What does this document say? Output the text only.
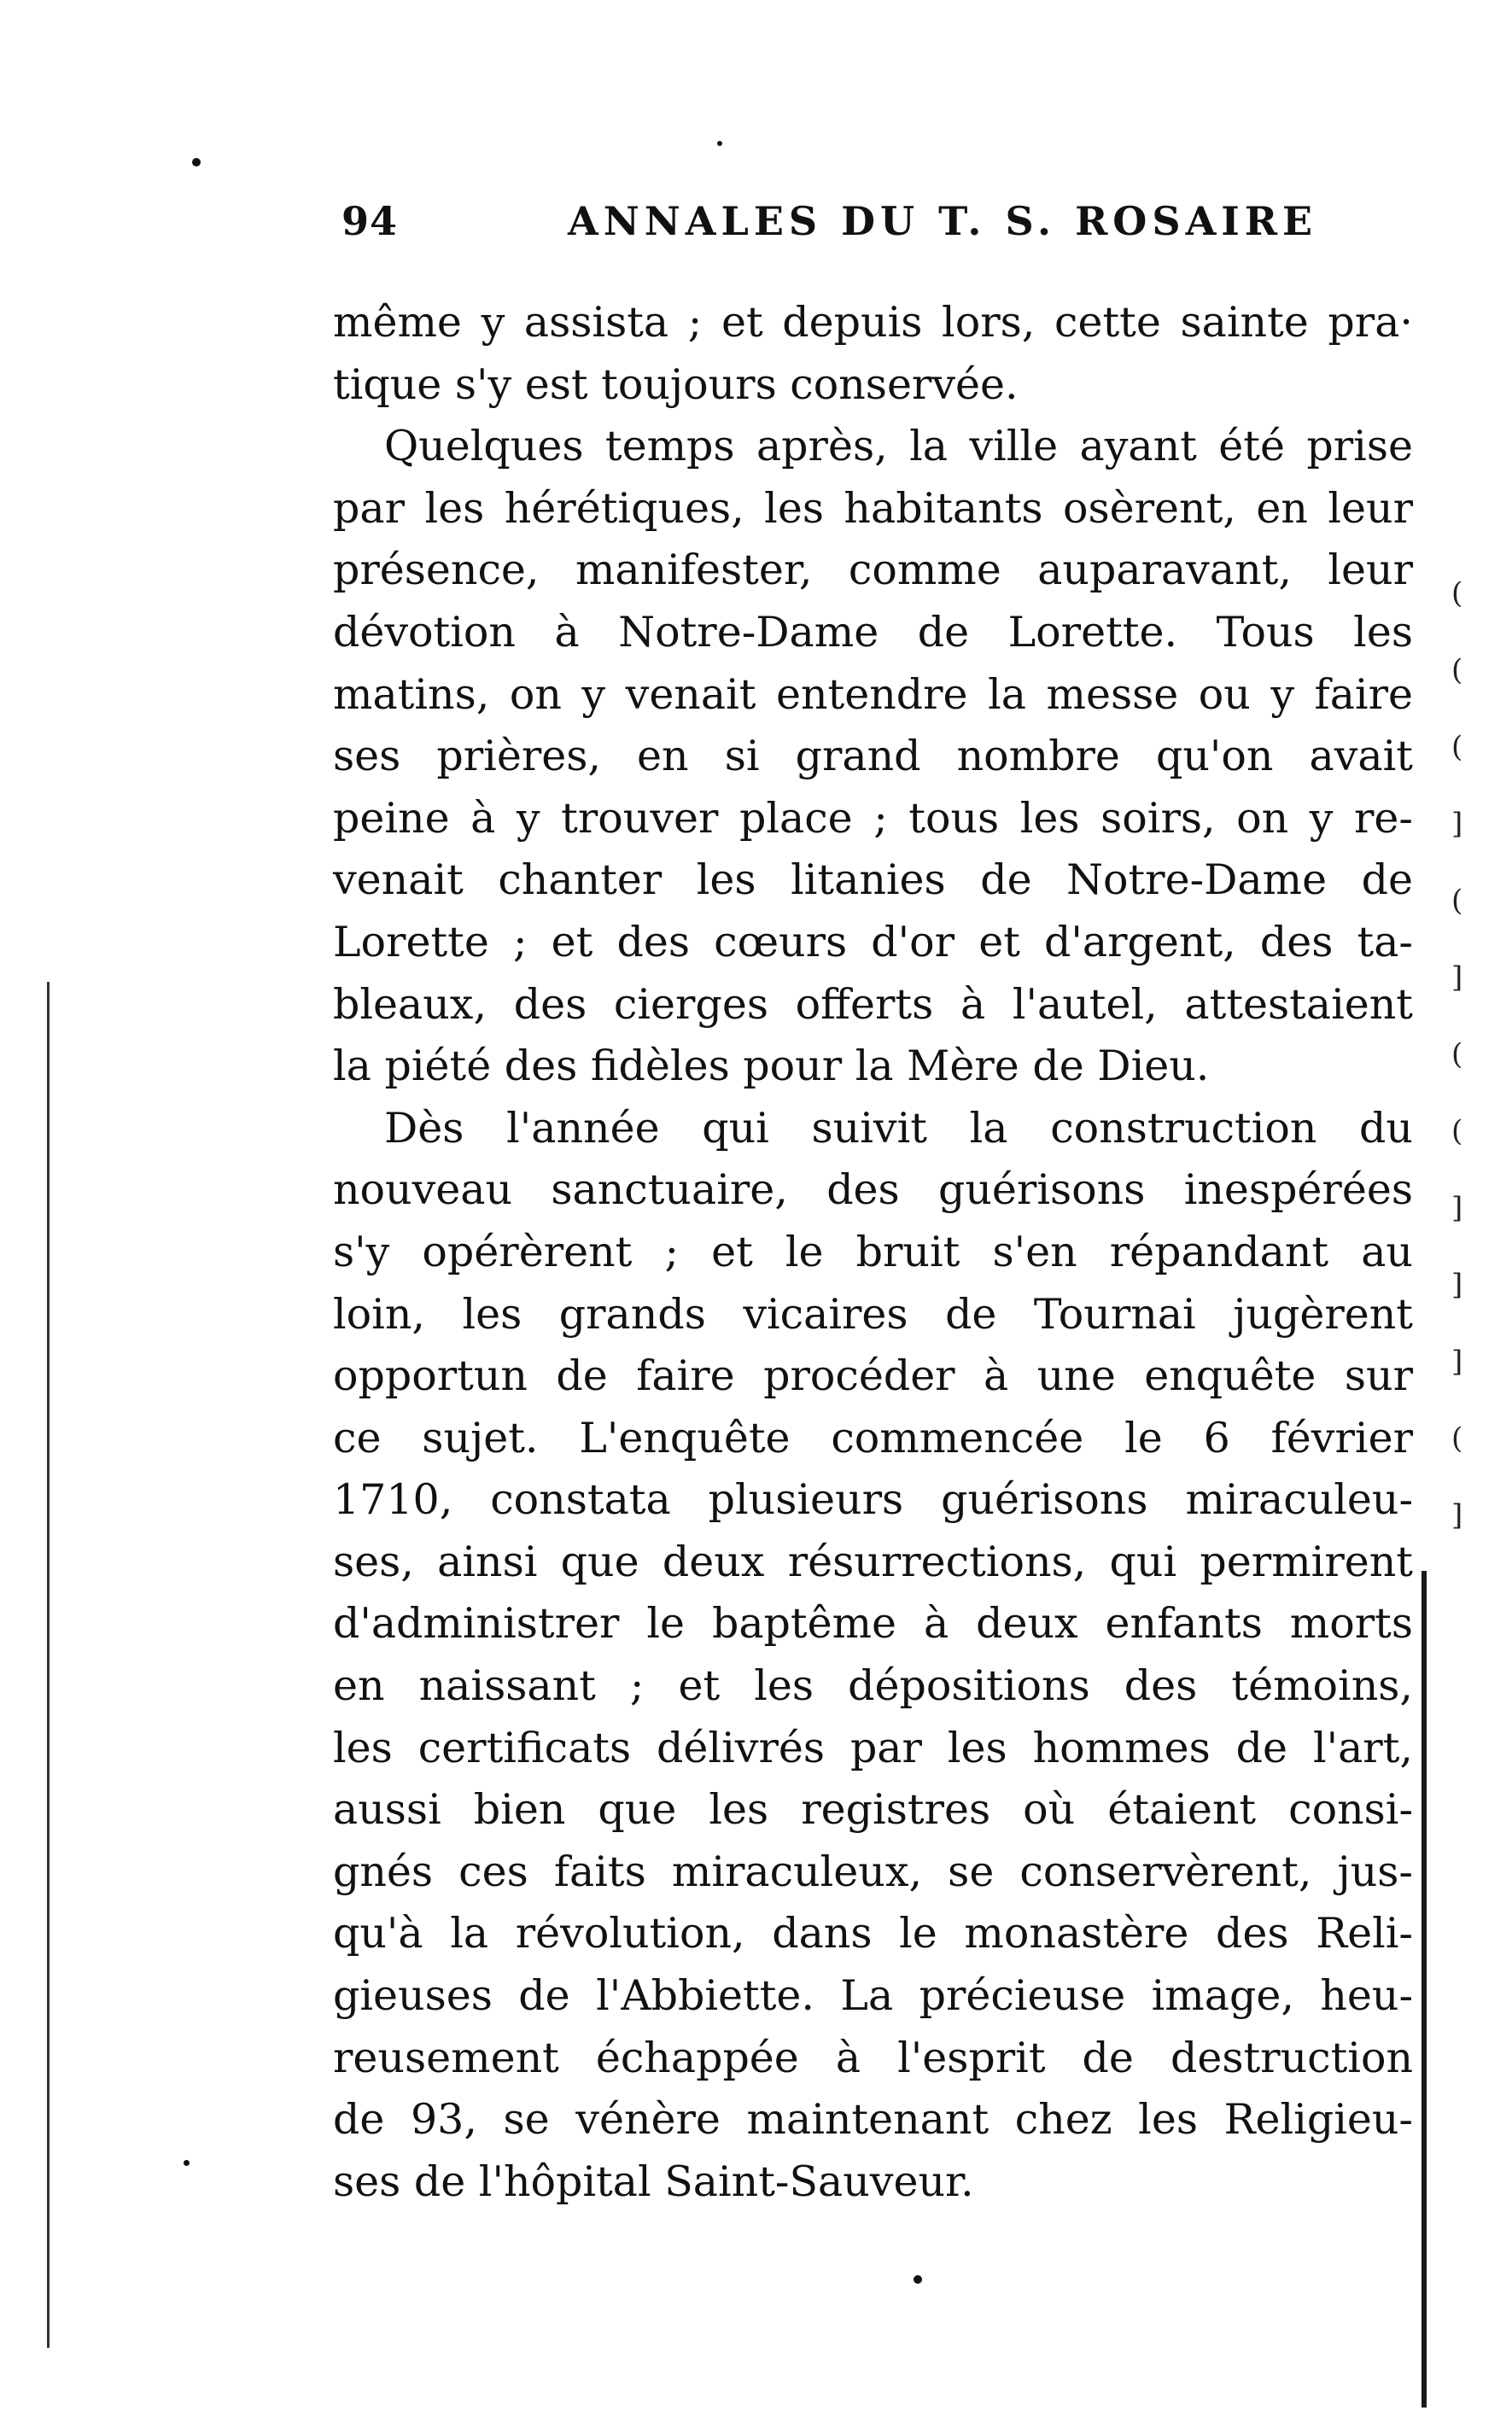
94	ANNALES DU T. S. ROSAIRE
même y assista ; et depuis lors, cette sainte pra·
tique s'y est toujours conservée.
Quelques temps après, la ville ayant été prise
par les hérétiques, les habitants osèrent, en leur
présence, manifester, comme auparavant, leur
dévotion à Notre-Dame de Lorette. Tous les
matins, on y venait entendre la messe ou y faire
ses prières, en si grand nombre qu'on avait
peine à y trouver place ; tous les soirs, on y re-
venait chanter les litanies de Notre-Dame de
Lorette ; et des cœurs d'or et d'argent, des ta-
bleaux, des cierges offerts à l'autel, attestaient
la piété des fidèles pour la Mère de Dieu.
Dès l'année qui suivit la construction du
nouveau sanctuaire, des guérisons inespérées
s'y opérèrent ; et le bruit s'en répandant au
loin, les grands vicaires de Tournai jugèrent
opportun de faire procéder à une enquête sur
ce sujet. L'enquête commencée le 6 février
1710, constata plusieurs guérisons miraculeu-
ses, ainsi que deux résurrections, qui permirent
d'administrer le baptême à deux enfants morts
en naissant ; et les dépositions des témoins,
les certificats délivrés par les hommes de l'art,
aussi bien que les registres où étaient consi-
gnés ces faits miraculeux, se conservèrent, jus-
qu'à la révolution, dans le monastère des Reli-
gieuses de l'Abbiette. La précieuse image, heu-
reusement échappée à l'esprit de destruction
de 93, se vénère maintenant chez les Religieu-
ses de l'hôpital Saint-Sauveur.
(
(
(
]
(
]
(
(
]
]
]
(
]
